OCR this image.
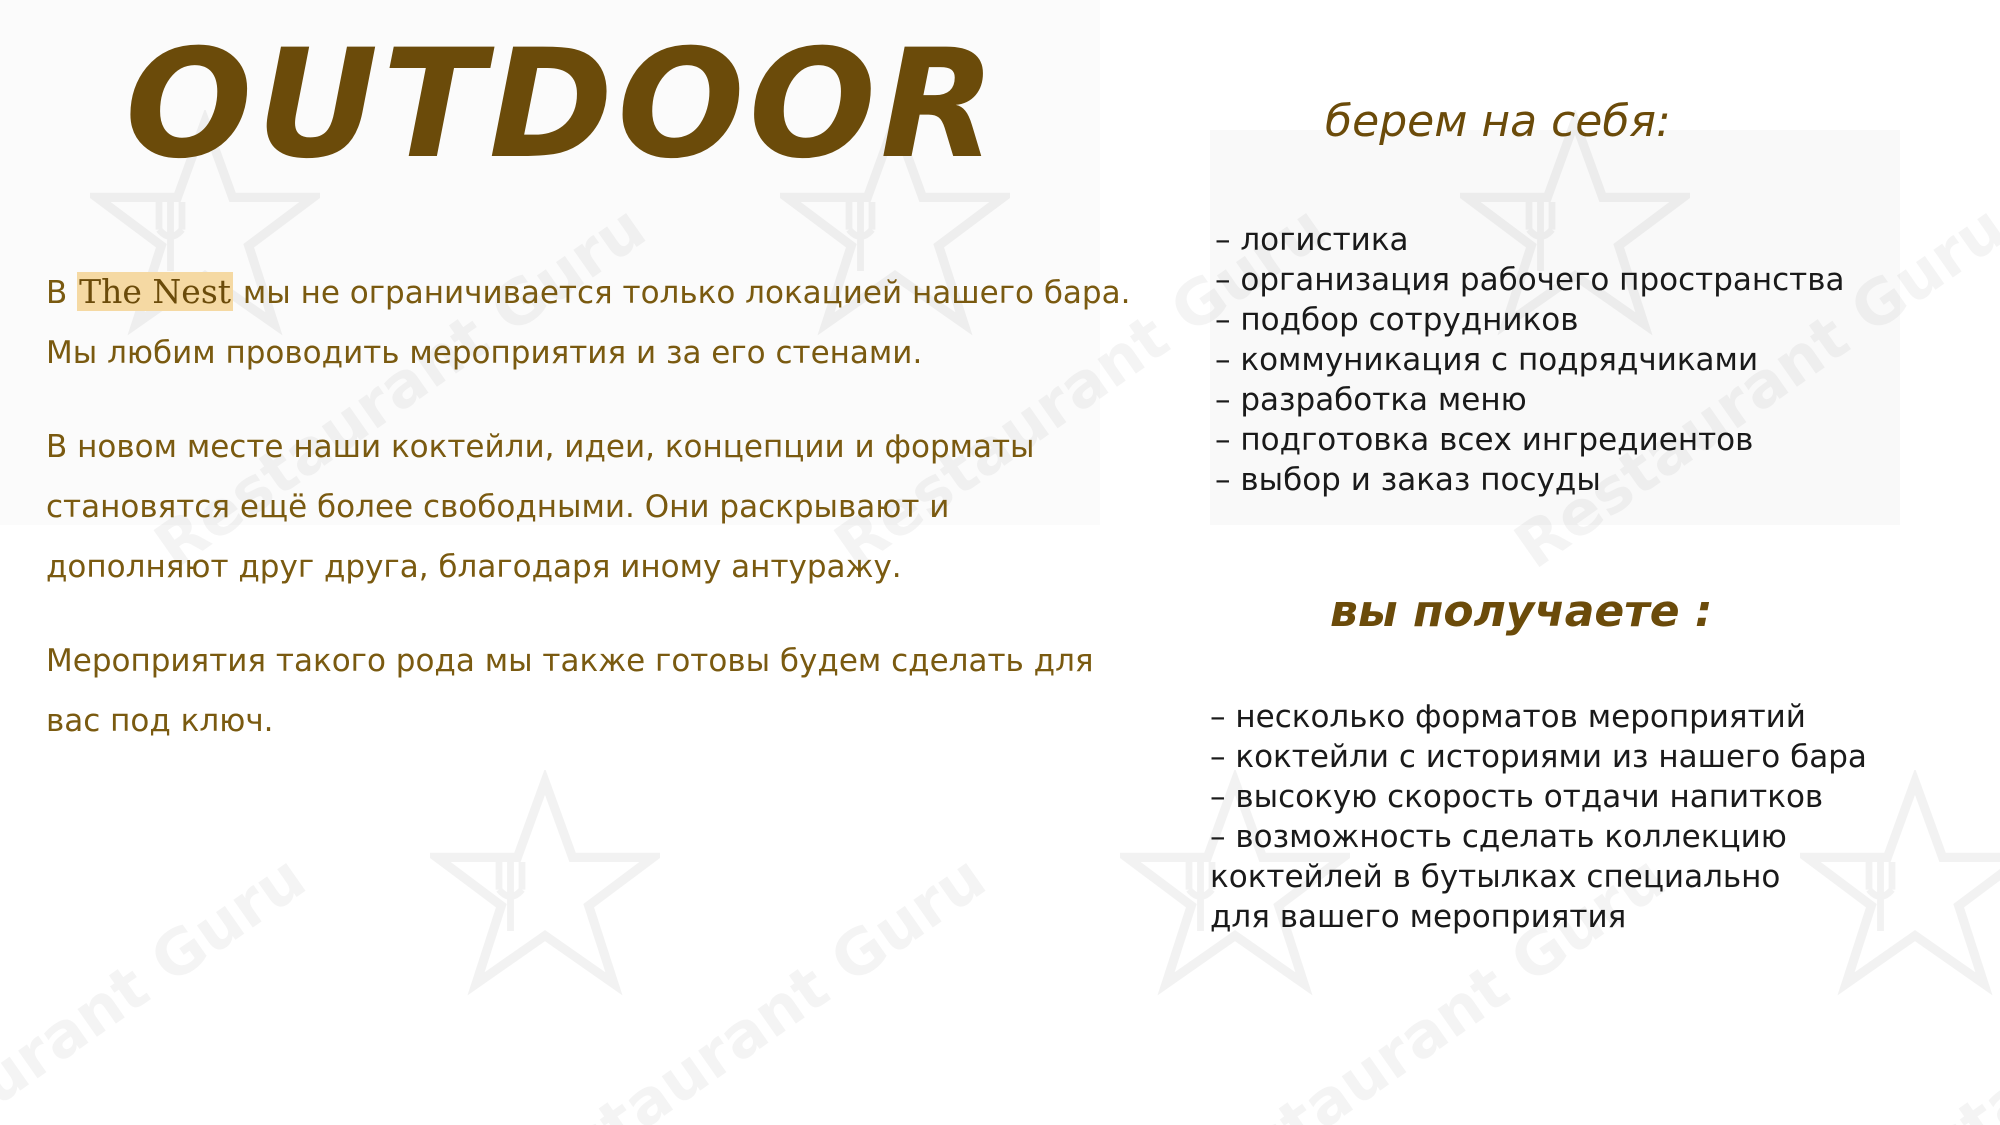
OUTDOOR

В The Nest мы не ограничивается только локацией нашего бара. Мы любим проводить мероприятия и за его стенами.

В новом месте наши коктейли, идеи, концепции и форматы становятся ещё более свободными. Они раскрывают и дополняют друг друга, благодаря иному антуражу.

Мероприятия такого рода мы также готовы будем сделать для вас под ключ.

берем на себя:
– логистика
– организация рабочего пространства
– подбор сотрудников
– коммуникация с подрядчиками
– разработка меню
– подготовка всех ингредиентов
– выбор и заказ посуды
вы получаете :
– несколько форматов мероприятий
– коктейли с историями из нашего бара
– высокую скорость отдачи напитков
– возможность сделать коллекцию
коктейлей в бутылках специально
для вашего мероприятия
